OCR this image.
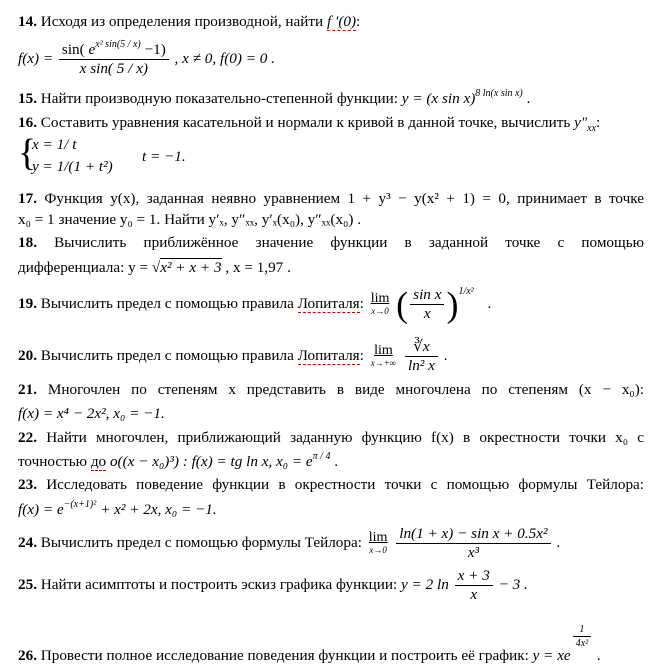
14. Исходя из определения производной, найти f ′(0):
$f(x) = \frac{\sin( e^{x^2 sin(5 / x)} -1)}{\text{x sin( 5 / x)}}$ , x ≠ 0, f(0) = 0 .
15. Найти производную показательно-степенной функции: y = (x sin x)$^{8 ln(x sin x)}$ .
16. Составить уравнения касательной и нормали к кривой в данной точке, вычислить $y''_{xx}$:
{
x = 1/ t
y = 1/(1 + t²)
t = −1.
17. Функция y(x), заданная неявно уравнением 1 + y³ − y(x² + 1) = 0, принимает в точке
x₀ = 1 значение y₀ = 1. Найти y′ₓ, y″ₓₓ, y′ₓ(x₀), y″ₓₓ(x₀) .
18. Вычислить приближённое значение функции в заданной точке с помощью
дифференциала: y = √x² + x + 3 , x = 1,97 .
19. Вычислить предел с помощью правила Лопиталя: lim
x→0 ( $\frac{\text{sin x}}{x} )^{1/x^2}$ .
20. Вычислить предел с помощью правила Лопиталя: lim
x→+∞
$\frac{∛x}{\text{ln² x}}$ .
21. Многочлен по степеням x представить в виде многочлена по степеням (x − x₀):
f(x) = x⁴ − 2x², x₀ = −1.
22. Найти многочлен, приближающий заданную функцию f(x) в окрестности точки x₀ с
точностью до o((x − x₀)³) : f(x) = tg ln x, $x_0 = e^{\pi / 4}$ .
23. Исследовать поведение функции в окрестности точки с помощью формулы Тейлора:
$f(x) = e^{-(x+1)^2} + x^2 + 2x$, x₀ = −1.
24. Вычислить предел с помощью формулы Тейлора: lim
x→0
$\frac{\text{ln(1 + x) − sin x + 0.5x²}}{\text{x³}}$ .
25. Найти асимптоты и построить эскиз графика функции: y = 2 $\ln \frac{x + 3}{x} - 3$ .
26. Провести полное исследование поведения функции и построить её график: y = xe
$\frac{1}{\text{4x²}}$
.
